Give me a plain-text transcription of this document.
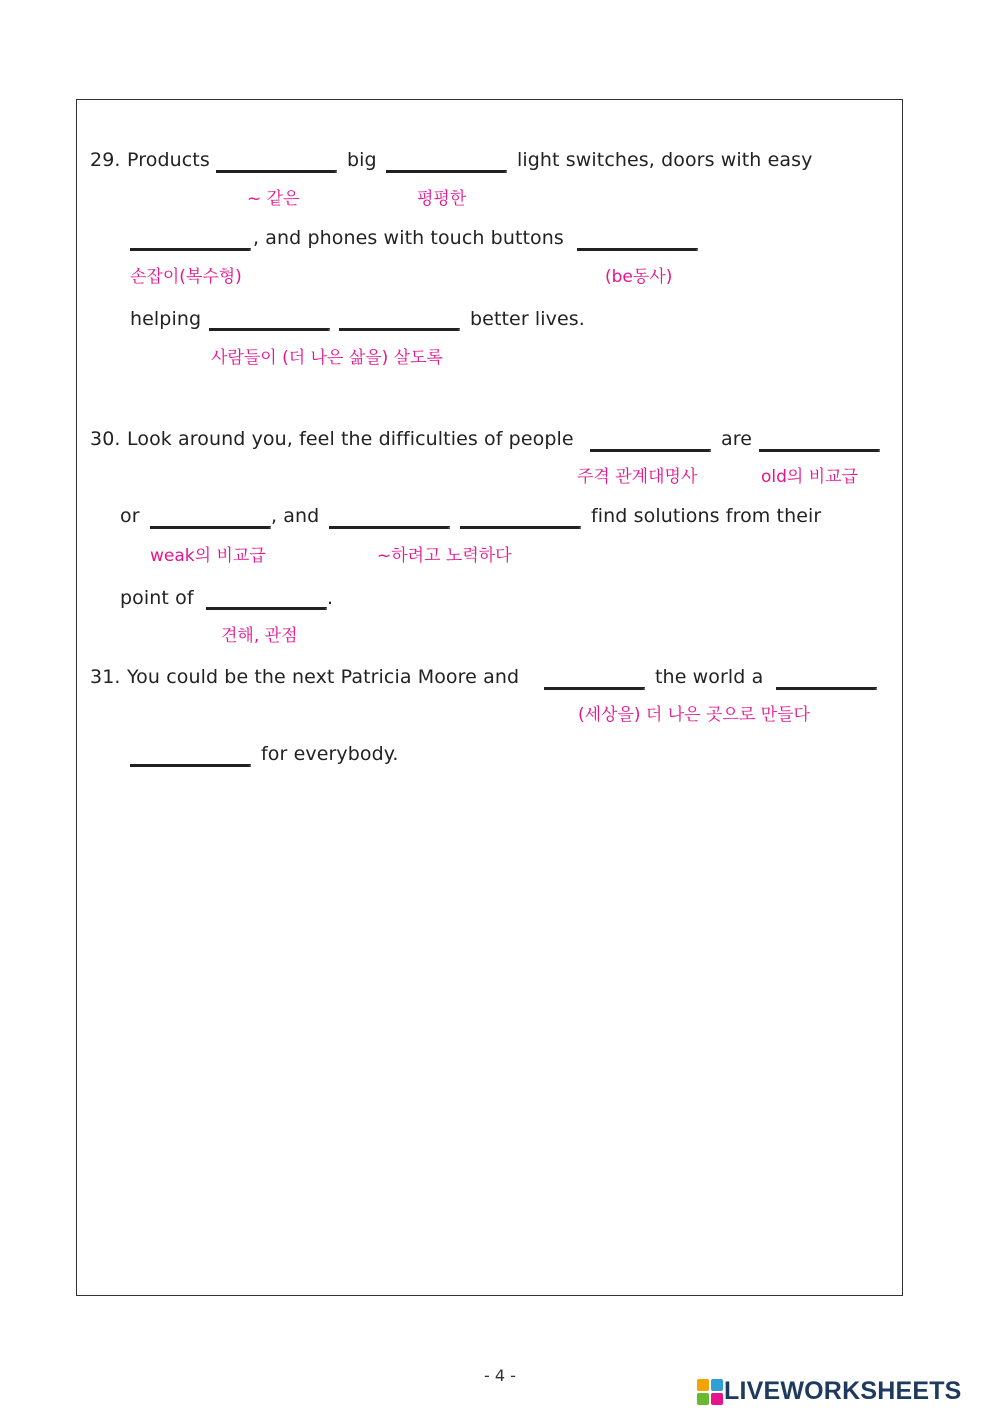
29. Products	big	light switches, doors with easy
~ 같은	평평한
, and phones with touch buttons
손잡이(복수형)	(be동사)
helping	better lives.
사람들이 (더 나은 삶을) 살도록
30. Look around you, feel the difficulties of people	are
주격 관계대명사	old의 비교급
or	, and	find solutions from their
weak의 비교급	~하려고 노력하다
point of	.
견해, 관점
31. You could be the next Patricia Moore and	the world a
(세상을) 더 나은 곳으로 만들다
for everybody.
- 4 -
LIVEWORKSHEETS
